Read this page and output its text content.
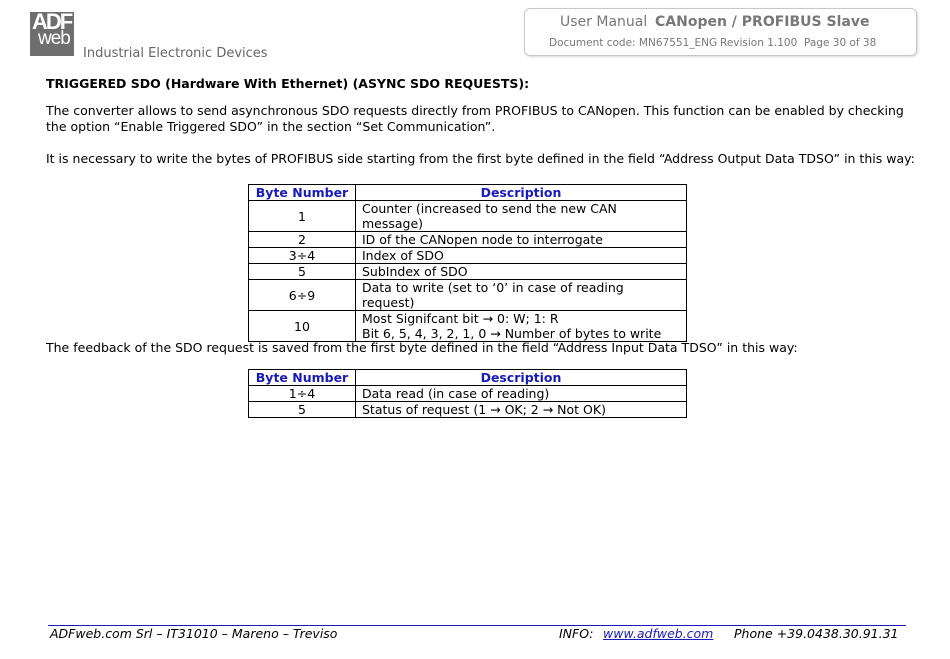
ADF
web
Industrial Electronic Devices
User Manual CANopen / PROFIBUS Slave
Document code: MN67551_ENG Revision 1.100 Page 30 of 38
TRIGGERED SDO (Hardware With Ethernet) (ASYNC SDO REQUESTS):
The converter allows to send asynchronous SDO requests directly from PROFIBUS to CANopen. This function can be enabled by checking the option “Enable Triggered SDO” in the section “Set Communication”.
It is necessary to write the bytes of PROFIBUS side starting from the first byte defined in the field “Address Output Data TDSO” in this way:
Byte Number	Description
1	Counter (increased to send the new CAN message)
2	ID of the CANopen node to interrogate
3÷4	Index of SDO
5	SubIndex of SDO
6÷9	Data to write (set to ‘0’ in case of reading request)
10	Most Signifcant bit → 0: W; 1: R
Bit 6, 5, 4, 3, 2, 1, 0 → Number of bytes to write
The feedback of the SDO request is saved from the first byte defined in the field “Address Input Data TDSO” in this way:
Byte Number	Description
1÷4	Data read (in case of reading)
5	Status of request (1 → OK; 2 → Not OK)
ADFweb.com Srl – IT31010 – Mareno – Treviso	INFO: www.adfweb.com Phone +39.0438.30.91.31
